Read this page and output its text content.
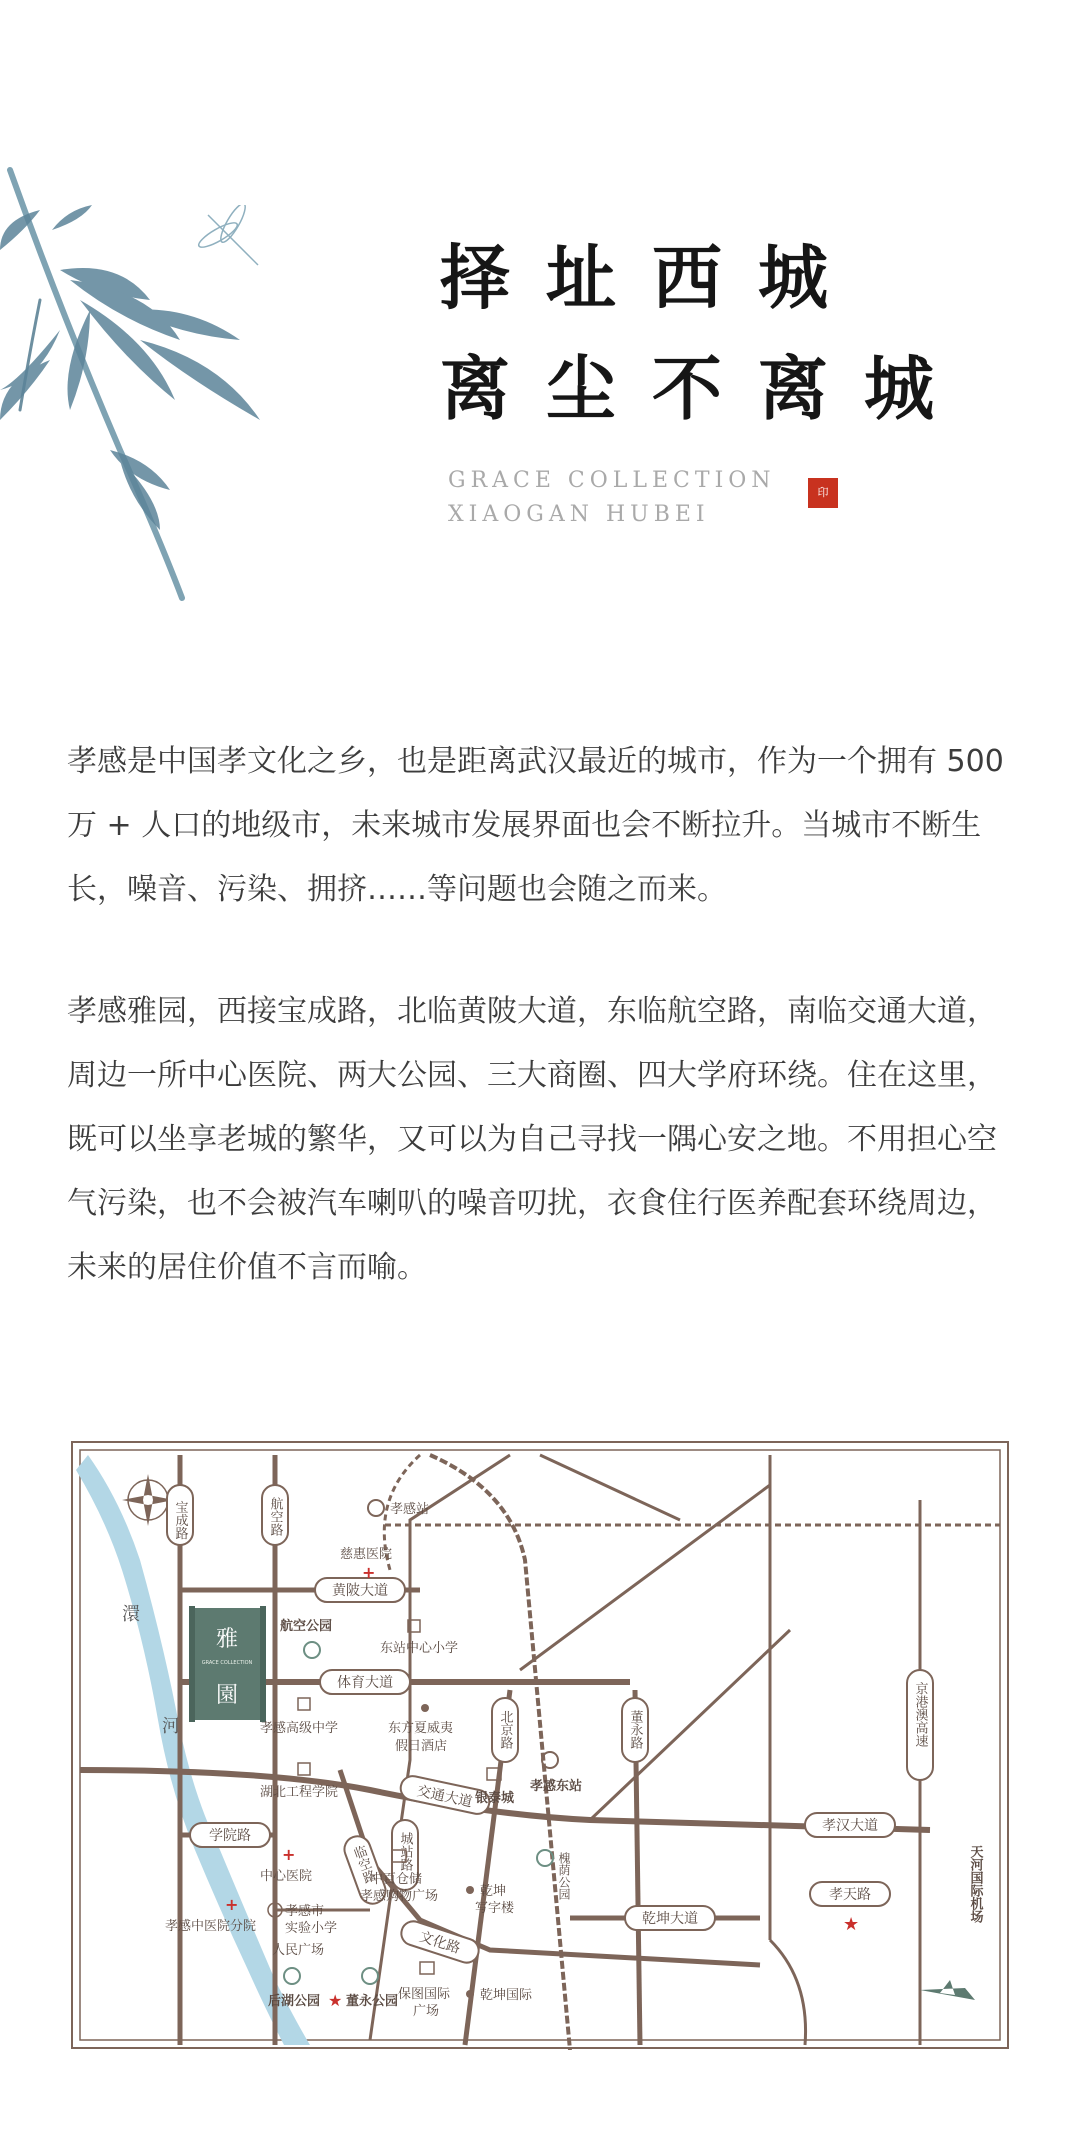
择址西城
离尘不离城
GRACE COLLECTION
XIAOGAN HUBEI
印

孝感是中国孝文化之乡，也是距离武汉最近的城市，作为一个拥有 500 万 + 人口的地级市，未来城市发展界面也会不断拉升。当城市不断生长，噪音、污染、拥挤……等问题也会随之而来。

孝感雅园，西接宝成路，北临黄陂大道，东临航空路，南临交通大道，周边一所中心医院、两大公园、三大商圈、四大学府环绕。住在这里，既可以坐享老城的繁华，又可以为自己寻找一隅心安之地。不用担心空气污染，也不会被汽车喇叭的噪音叨扰，衣食住行医养配套环绕周边，未来的居住价值不言而喻。

澴
河
宝成路	航空路
黄陂大道
体育大道
交通大道
学院路	城站路
临空路
文化路
北京路	董永路
孝汉大道
孝天路
乾坤大道
京港澳高速
雅
GRACE COLLECTION
園
孝感站
慈惠医院
+
航空公园
东站中心小学
孝感高级中学	东方夏威夷
假日酒店
湖北工程学院	银泰城
孝感东站
+
中心医院	中百仓储
孝感购物广场
+
孝感中医院分院
孝感市
实验小学
人民广场
后湖公园 ★ 董永公园 保图国际
广场
乾坤
写字楼
乾坤国际
槐荫公园
★
天河国际机场
